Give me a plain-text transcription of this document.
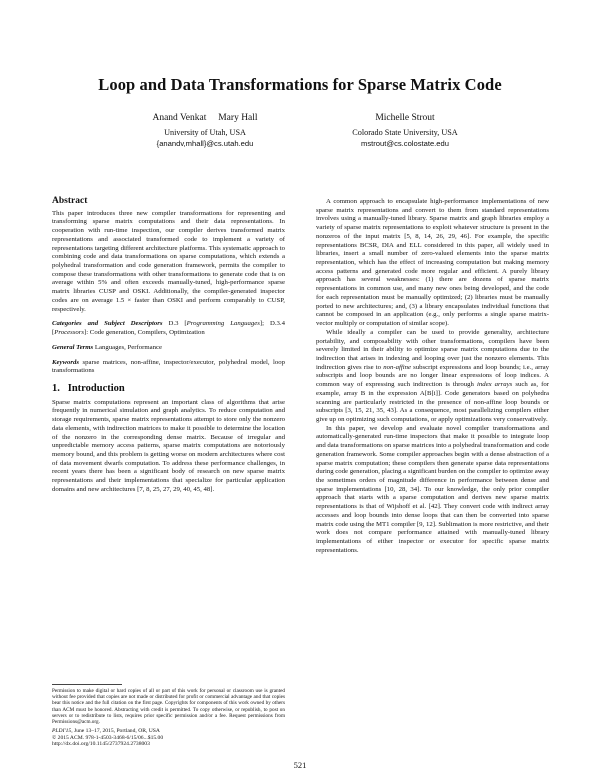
Loop and Data Transformations for Sparse Matrix Code
Anand Venkat     Mary Hall
University of Utah, USA
{anandv,mhall}@cs.utah.edu
Michelle Strout
Colorado State University, USA
mstrout@cs.colostate.edu
Abstract

This paper introduces three new compiler transformations for representing and transforming sparse matrix computations and their data representations. In cooperation with run-time inspection, our compiler derives transformed matrix representations and associated transformed code to implement a variety of representations targeting different architecture platforms. This systematic approach to combining code and data transformations on sparse computations, which extends a polyhedral transformation and code generation framework, permits the compiler to compose these transformations with other transformations to generate code that is on average within 5% and often exceeds manually-tuned, high-performance sparse matrix libraries CUSP and OSKI. Additionally, the compiler-generated inspector codes are on average 1.5 × faster than OSKI and perform comparably to CUSP, respectively.

Categories and Subject Descriptors D.3 [Programming Languages]; D.3.4 [Processors]: Code generation, Compilers, Optimization

General Terms Languages, Performance

Keywords sparse matrices, non-affine, inspector/executor, polyhedral model, loop transformations

1.   Introduction

Sparse matrix computations represent an important class of algorithms that arise frequently in numerical simulation and graph analytics. To reduce computation and storage requirements, sparse matrix representations attempt to store only the nonzero data elements, with indirection matrices to make it possible to determine the location of the nonzero in the corresponding dense matrix. Because of irregular and unpredictable memory access patterns, sparse matrix computations are notoriously memory bound, and this problem is getting worse on modern architectures where cost of data movement dwarfs computation. To address these performance challenges, in recent years there has been a significant body of research on new sparse matrix representations and their implementations that specialize for particular application domains and new architectures [7, 8, 25, 27, 29, 40, 45, 48].

A common approach to encapsulate high-performance implementations of new sparse matrix representations and convert to them from standard representations involves using a manually-tuned library. Sparse matrix and graph libraries employ a variety of sparse matrix representations to exploit whatever structure is present in the nonzeros of the input matrix [5, 8, 14, 26, 29, 46]. For example, the specific representations BCSR, DIA and ELL considered in this paper, all widely used in libraries, insert a small number of zero-valued elements into the sparse matrix representation, which has the effect of increasing computation but making memory access patterns and generated code more regular and efficient. A purely library approach has several weaknesses: (1) there are dozens of sparse matrix representations in common use, and many new ones being developed, and the code for each representation must be manually optimized; (2) libraries must be manually ported to new architectures; and, (3) a library encapsulates individual functions that cannot be composed in an application (e.g., only performs a single sparse matrix-vector multiply or computation of similar scope).

While ideally a compiler can be used to provide generality, architecture portability, and composability with other transformations, compilers have been severely limited in their ability to optimize sparse matrix computations due to the indirection that arises in indexing and looping over just the nonzero elements. This indirection gives rise to non-affine subscript expressions and loop bounds; i.e., array subscripts and loop bounds are no longer linear expressions of loop indices. A common way of expressing such indirection is through index arrays such as, for example, array B in the expression A[B[i]]. Code generators based on polyhedra scanning are particularly restricted in the presence of non-affine loop bounds or subscripts [3, 15, 21, 35, 43]. As a consequence, most parallelizing compilers either give up on optimizing such computations, or apply optimizations very conservatively.

In this paper, we develop and evaluate novel compiler transformations and automatically-generated run-time inspectors that make it possible to integrate loop and data transformations on sparse matrices into a polyhedral transformation and code generation framework. Some compiler approaches begin with a dense abstraction of a sparse matrix computation; these compilers then generate sparse data representations during code generation, placing a significant burden on the compiler to optimize away the sometimes orders of magnitude difference in performance between dense and sparse implementations [10, 28, 34]. To our knowledge, the only prior compiler approach that starts with a sparse computation and derives new sparse matrix representations is that of Wijshoff et al. [42]. They convert code with indirect array accesses and loop bounds into dense loops that can then be converted into sparse matrix code using the MT1 compiler [9, 12]. Sublimation is more restrictive, and their work does not compare performance attained with manually-tuned library implementations of either inspector or executor for specific sparse matrix representations.

Permission to make digital or hard copies of all or part of this work for personal or classroom use is granted without fee provided that copies are not made or distributed for profit or commercial advantage and that copies bear this notice and the full citation on the first page. Copyrights for components of this work owned by others than ACM must be honored. Abstracting with credit is permitted. To copy otherwise, or republish, to post on servers or to redistribute to lists, requires prior specific permission and/or a fee. Request permissions from Permissions@acm.org.
PLDI'15, June 13–17, 2015, Portland, OR, USA
© 2015 ACM. 978-1-4503-3468-6/15/06...$15.00
http://dx.doi.org/10.1145/2737924.2738003
521
